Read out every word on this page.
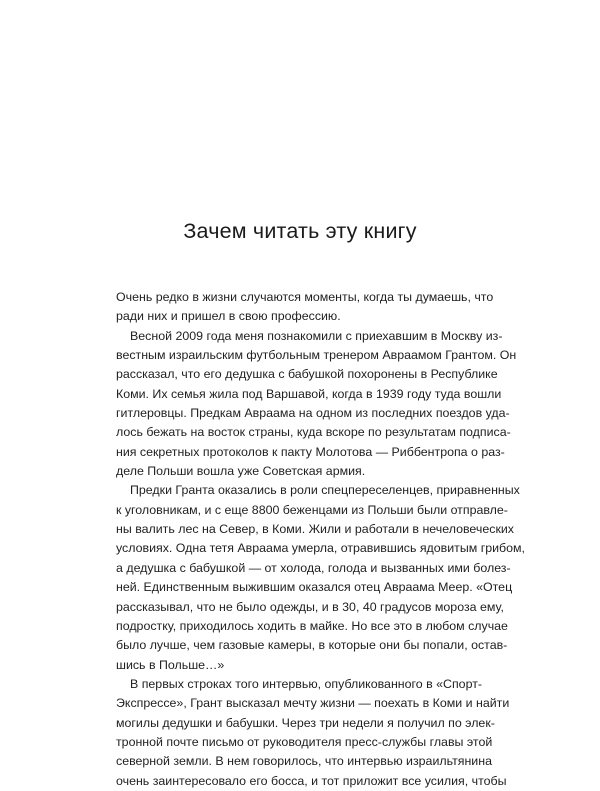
Зачем читать эту книгу
Очень редко в жизни случаются моменты, когда ты думаешь, что
ради них и пришел в свою профессию.
Весной 2009 года меня познакомили с приехавшим в Москву из-
вестным израильским футбольным тренером Авраамом Грантом. Он
рассказал, что его дедушка с бабушкой похоронены в Республике
Коми. Их семья жила под Варшавой, когда в 1939 году туда вошли
гитлеровцы. Предкам Авраама на одном из последних поездов уда-
лось бежать на восток страны, куда вскоре по результатам подписа-
ния секретных протоколов к пакту Молотова — Риббентропа о раз-
деле Польши вошла уже Советская армия.
Предки Гранта оказались в роли спецпереселенцев, приравненных
к уголовникам, и с еще 8800 беженцами из Польши были отправле-
ны валить лес на Север, в Коми. Жили и работали в нечеловеческих
условиях. Одна тетя Авраама умерла, отравившись ядовитым грибом,
а дедушка с бабушкой — от холода, голода и вызванных ими болез-
ней. Единственным выжившим оказался отец Авраама Меер. «Отец
рассказывал, что не было одежды, и в 30, 40 градусов мороза ему,
подростку, приходилось ходить в майке. Но все это в любом случае
было лучше, чем газовые камеры, в которые они бы попали, остав-
шись в Польше…»
В первых строках того интервью, опубликованного в «Спорт-
Экспрессе», Грант высказал мечту жизни — поехать в Коми и найти
могилы дедушки и бабушки. Через три недели я получил по элек-
тронной почте письмо от руководителя пресс-службы главы этой
северной земли. В нем говорилось, что интервью израильтянина
очень заинтересовало его босса, и тот приложит все усилия, чтобы
